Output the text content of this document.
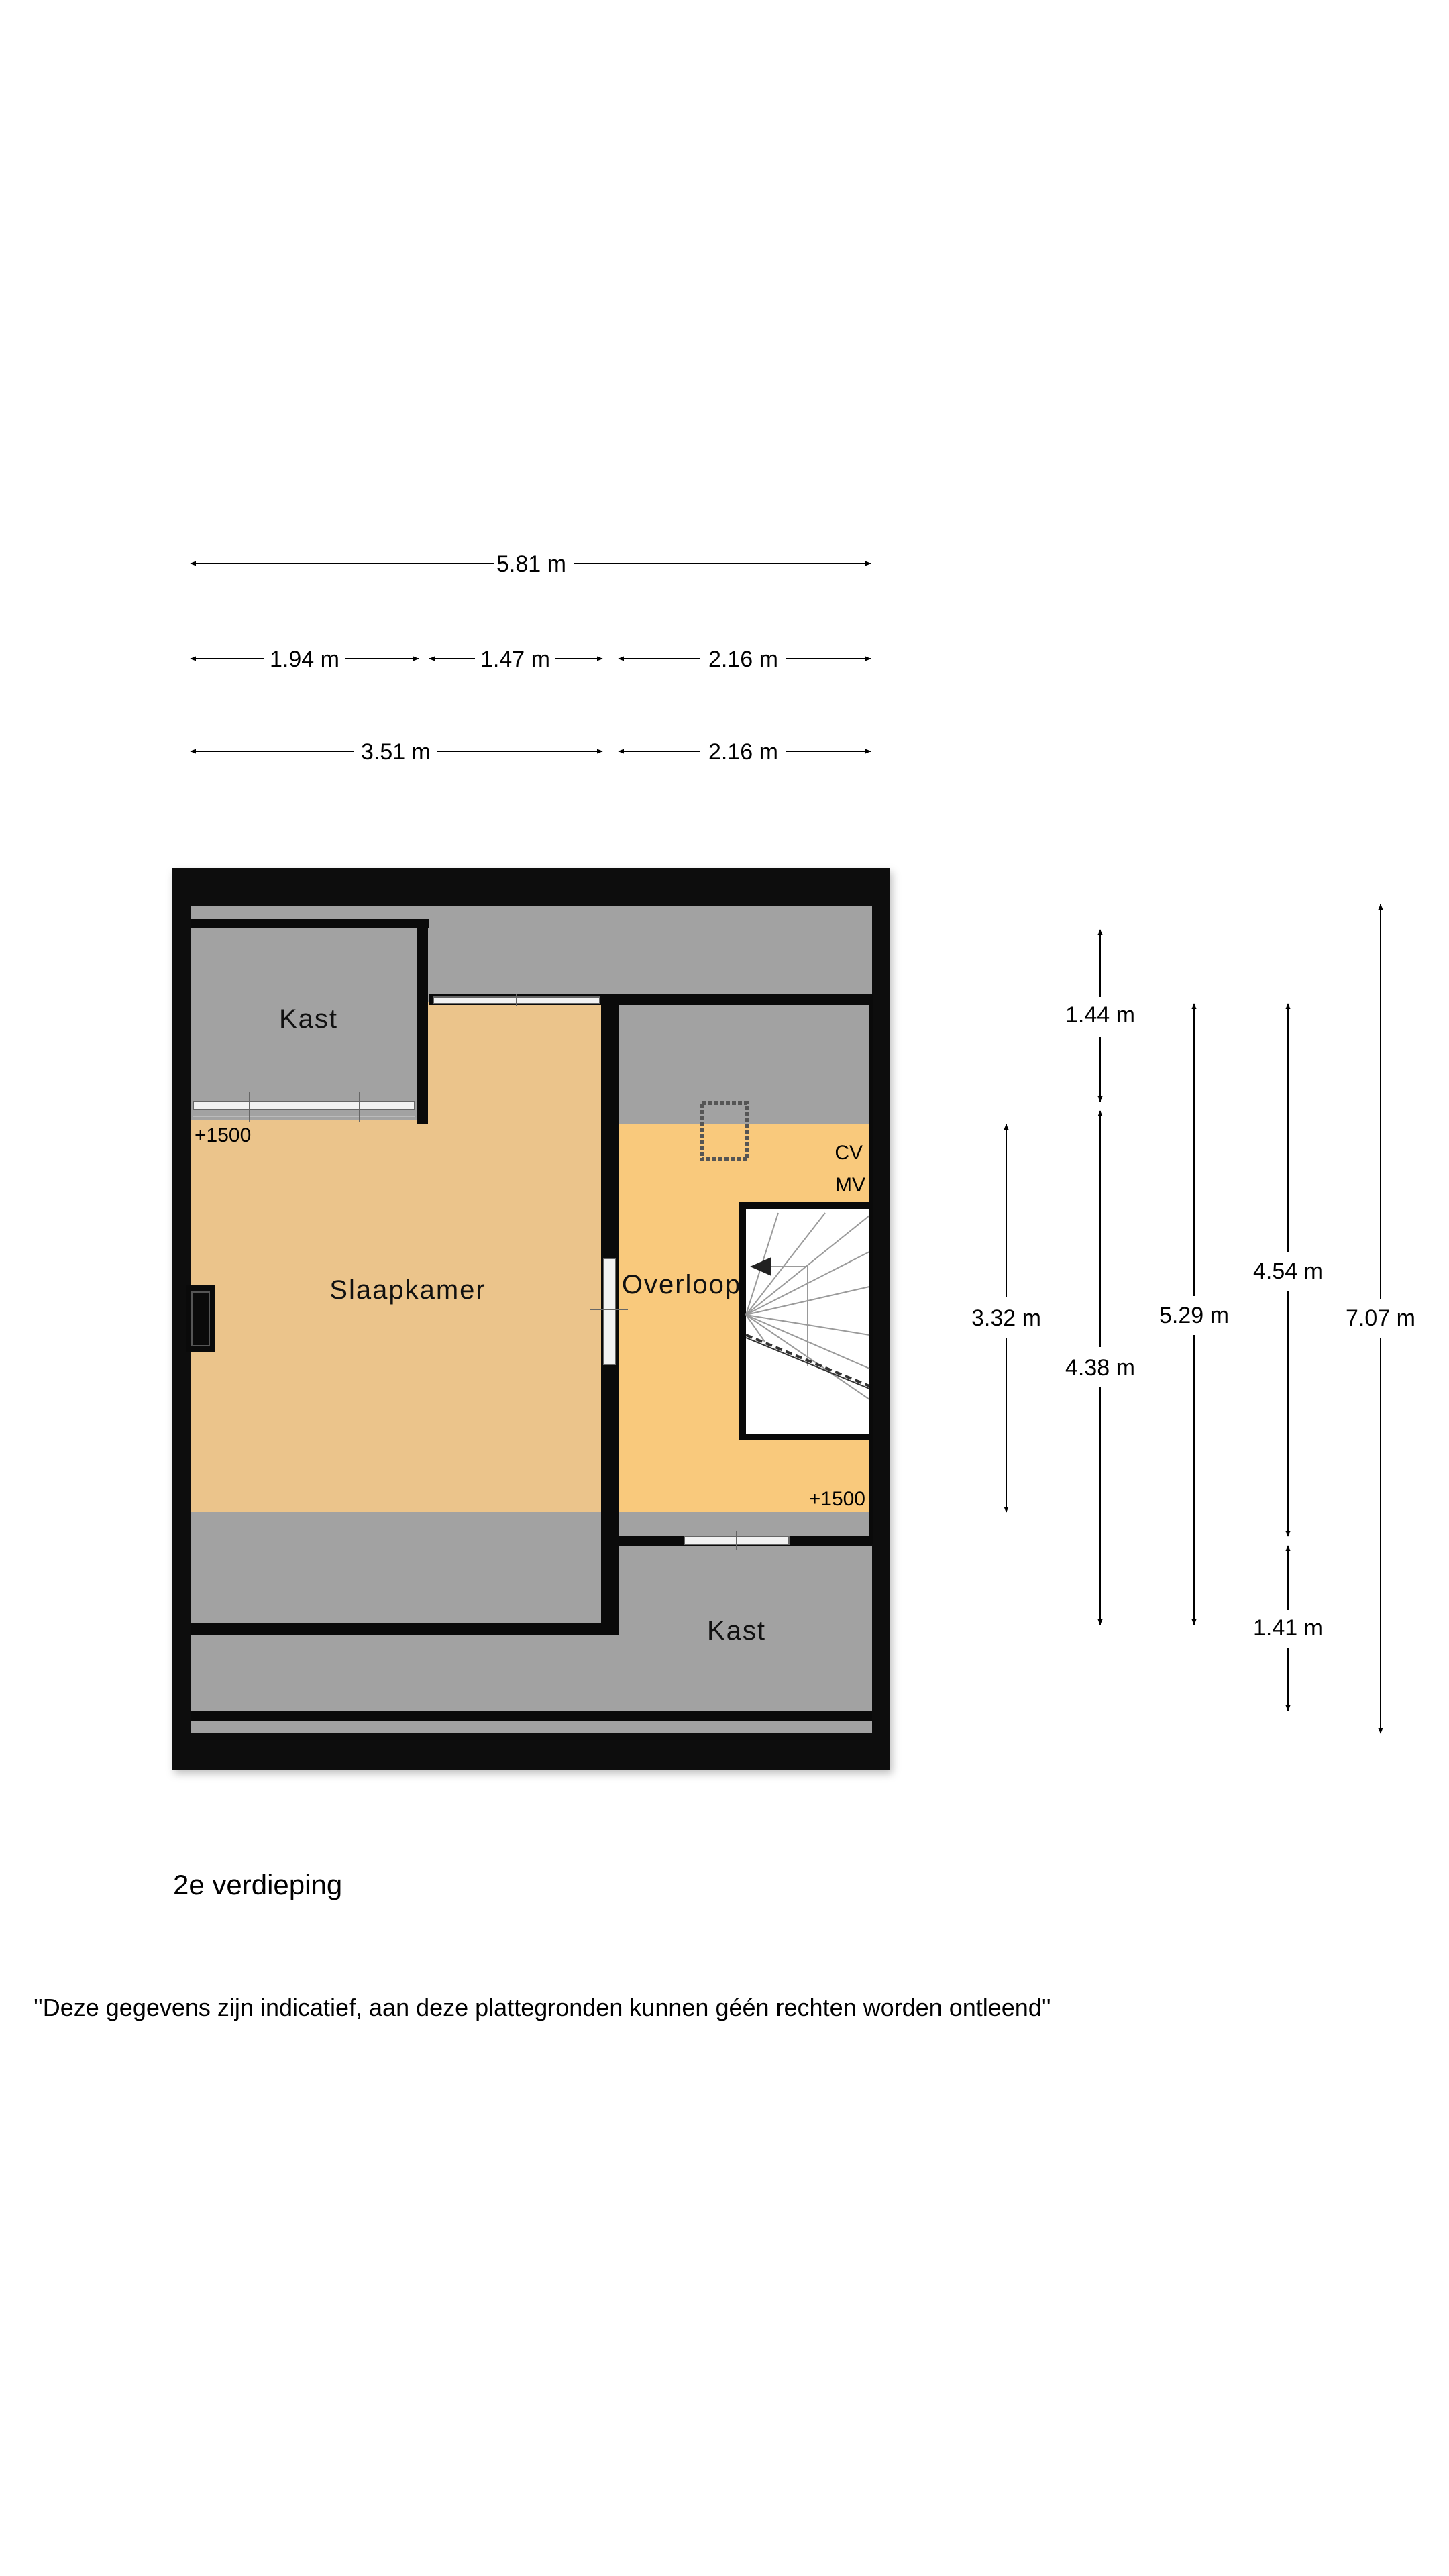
5.81 m
1.94 m	1.47 m	2.16 m
3.51 m	2.16 m
Kast
Slaapkamer	Overloop
Kast
+1500
+1500
CV
MV
1.44 m
4.38 m
3.32 m	5.29 m
4.54 m
1.41 m
7.07 m
2e verdieping
''Deze gegevens zijn indicatief, aan deze plattegronden kunnen géén rechten worden ontleend''
